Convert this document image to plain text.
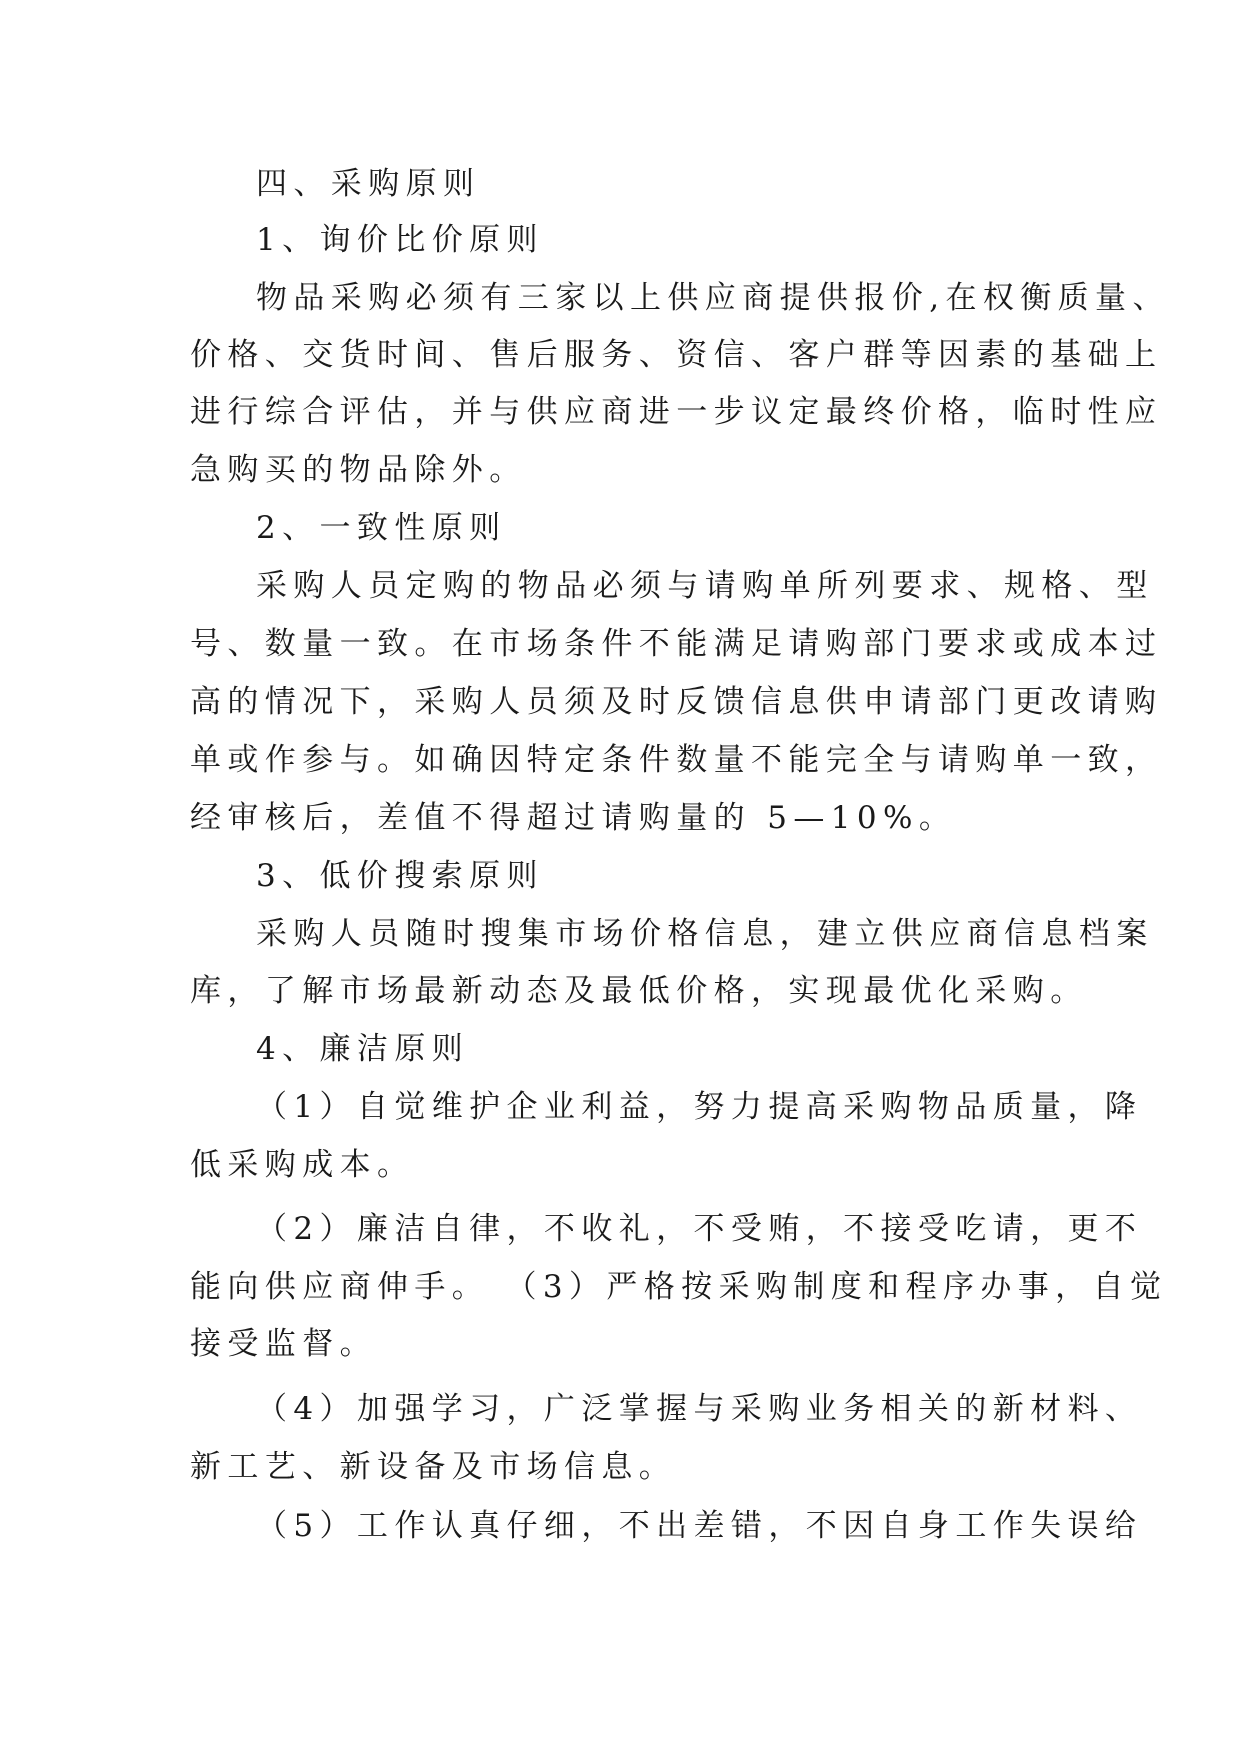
四、采购原则
1、询价比价原则
物品采购必须有三家以上供应商提供报价,在权衡质量、
价格、交货时间、售后服务、资信、客户群等因素的基础上
进行综合评估，并与供应商进一步议定最终价格，临时性应
急购买的物品除外。
2、一致性原则
采购人员定购的物品必须与请购单所列要求、规格、型
号、数量一致。在市场条件不能满足请购部门要求或成本过
高的情况下，采购人员须及时反馈信息供申请部门更改请购
单或作参与。如确因特定条件数量不能完全与请购单一致，
经审核后，差值不得超过请购量的 5—10%。
3、低价搜索原则
采购人员随时搜集市场价格信息，建立供应商信息档案
库，了解市场最新动态及最低价格，实现最优化采购。
4、廉洁原则
（1）自觉维护企业利益，努力提高采购物品质量，降
低采购成本。
（2）廉洁自律，不收礼，不受贿，不接受吃请，更不
能向供应商伸手。 （3）严格按采购制度和程序办事，自觉
接受监督。
（4）加强学习，广泛掌握与采购业务相关的新材料、
新工艺、新设备及市场信息。
（5）工作认真仔细，不出差错，不因自身工作失误给
